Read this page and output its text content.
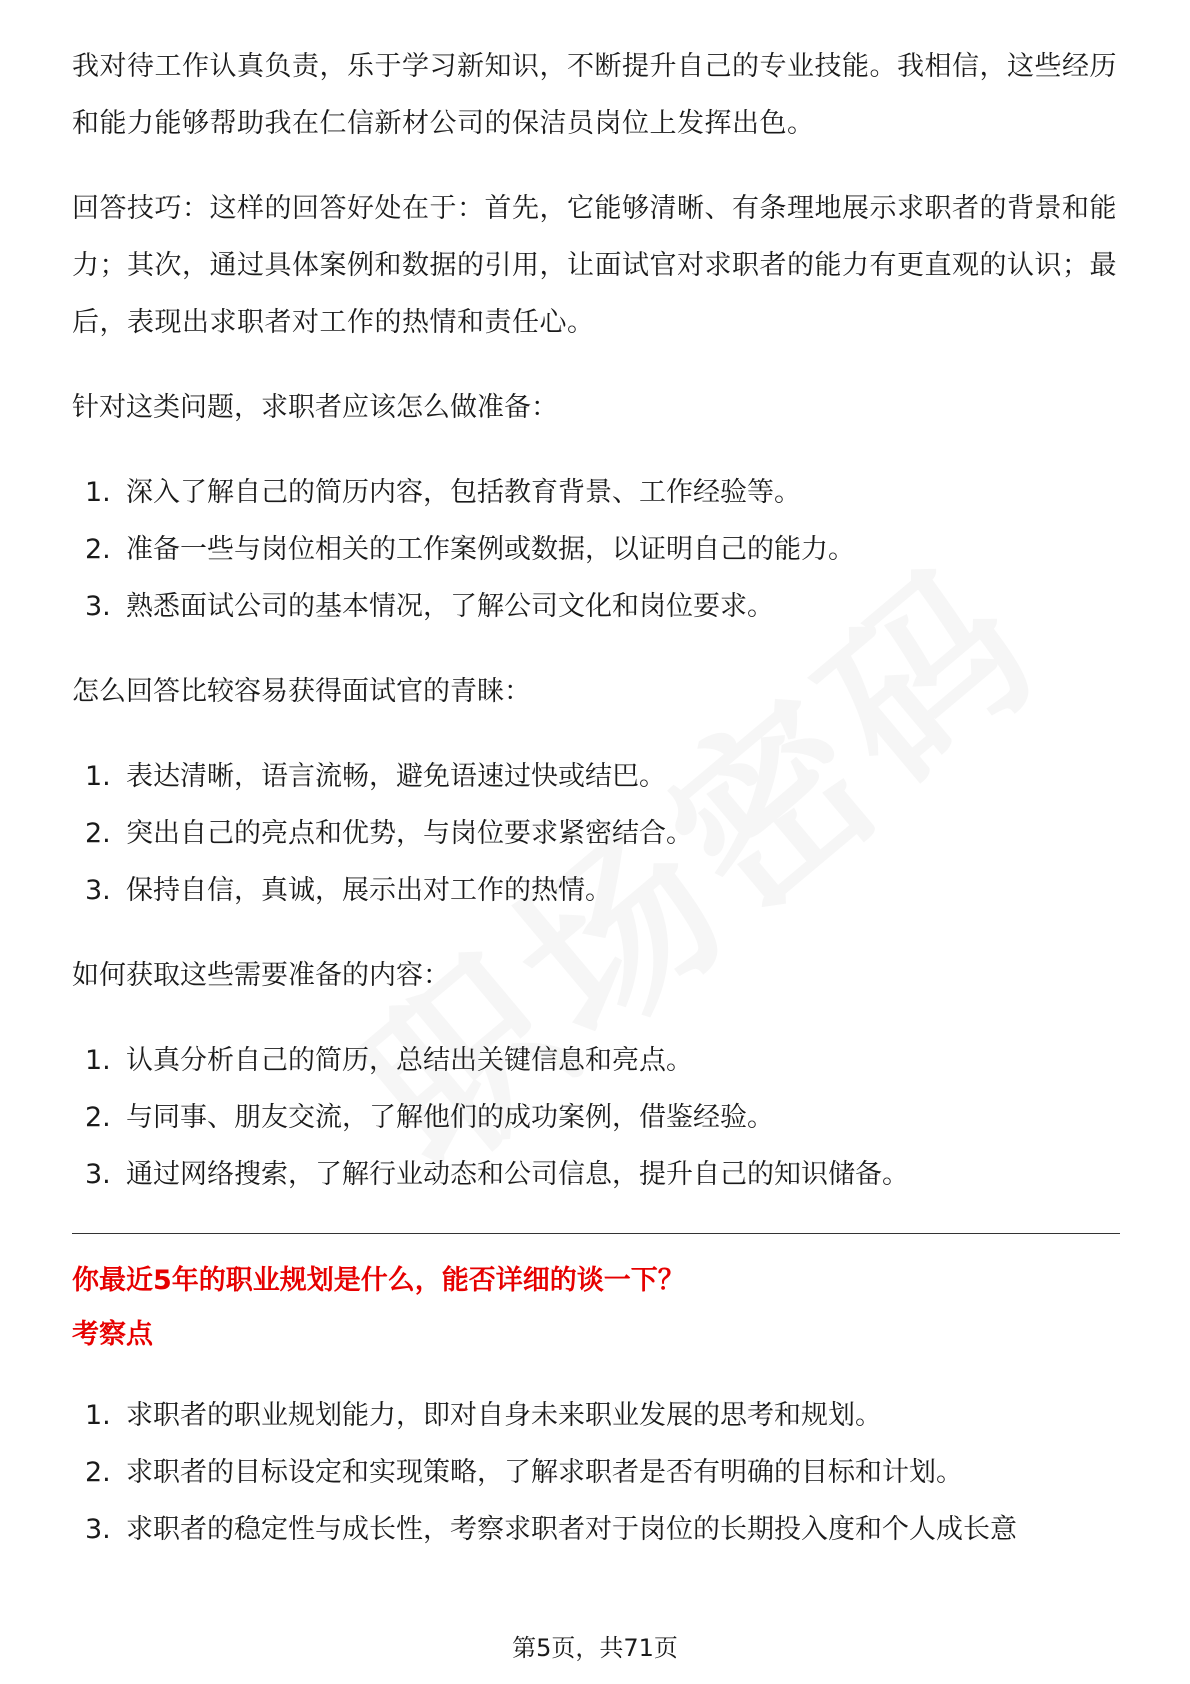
我对待工作认真负责，乐于学习新知识，不断提升自己的专业技能。我相信，这些经历和能力能够帮助我在仁信新材公司的保洁员岗位上发挥出色。

回答技巧：这样的回答好处在于：首先，它能够清晰、有条理地展示求职者的背景和能力；其次，通过具体案例和数据的引用，让面试官对求职者的能力有更直观的认识；最后，表现出求职者对工作的热情和责任心。

针对这类问题，求职者应该怎么做准备：

1. 深入了解自己的简历内容，包括教育背景、工作经验等。
2. 准备一些与岗位相关的工作案例或数据，以证明自己的能力。
3. 熟悉面试公司的基本情况，了解公司文化和岗位要求。

怎么回答比较容易获得面试官的青睐：

1. 表达清晰，语言流畅，避免语速过快或结巴。
2. 突出自己的亮点和优势，与岗位要求紧密结合。
3. 保持自信，真诚，展示出对工作的热情。

如何获取这些需要准备的内容：

1. 认真分析自己的简历，总结出关键信息和亮点。
2. 与同事、朋友交流，了解他们的成功案例，借鉴经验。
3. 通过网络搜索，了解行业动态和公司信息，提升自己的知识储备。

你最近5年的职业规划是什么，能否详细的谈一下？

考察点

1. 求职者的职业规划能力，即对自身未来职业发展的思考和规划。
2. 求职者的目标设定和实现策略，了解求职者是否有明确的目标和计划。
3. 求职者的稳定性与成长性，考察求职者对于岗位的长期投入度和个人成长意
第5页，共71页
